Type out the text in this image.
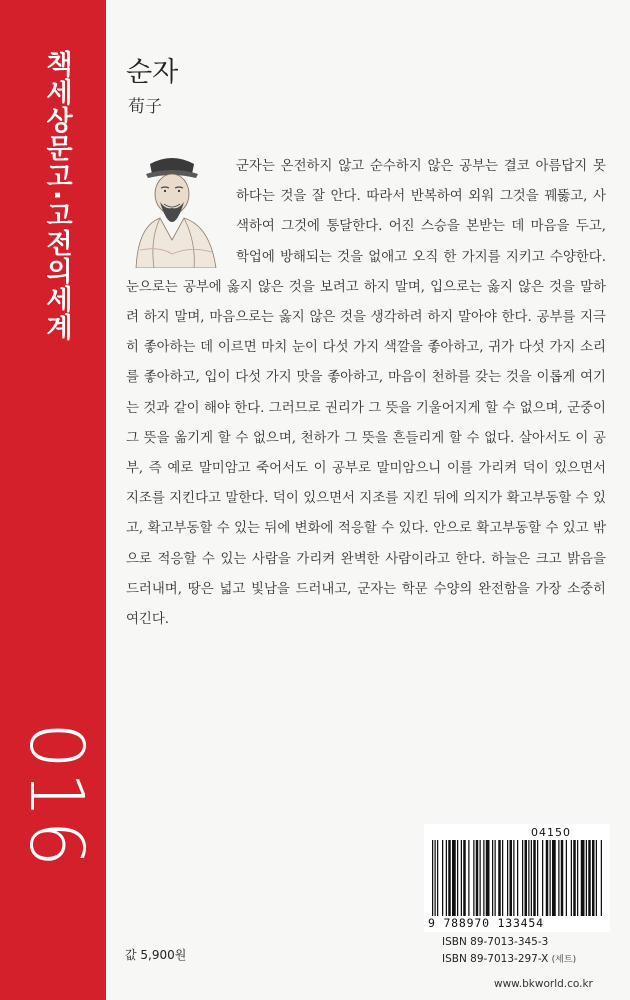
책세상문고·고전의세계
016
순자
荀子
군자는 온전하지 않고 순수하지 않은 공부는 결코 아름답지 못하다는 것을 잘 안다. 따라서 반복하여 외워 그것을 꿰뚫고, 사색하여 그것에 통달한다. 어진 스승을 본받는 데 마음을 두고, 학업에 방해되는 것을 없애고 오직 한 가지를 지키고 수양한다. 눈으로는 공부에 옳지 않은 것을 보려고 하지 말며, 입으로는 옳지 않은 것을 말하려 하지 말며, 마음으로는 옳지 않은 것을 생각하려 하지 말아야 한다. 공부를 지극히 좋아하는 데 이르면 마치 눈이 다섯 가지 색깔을 좋아하고, 귀가 다섯 가지 소리를 좋아하고, 입이 다섯 가지 맛을 좋아하고, 마음이 천하를 갖는 것을 이롭게 여기는 것과 같이 해야 한다. 그러므로 권리가 그 뜻을 기울어지게 할 수 없으며, 군중이 그 뜻을 옮기게 할 수 없으며, 천하가 그 뜻을 흔들리게 할 수 없다. 살아서도 이 공부, 즉 예로 말미암고 죽어서도 이 공부로 말미암으니 이를 가리켜 덕이 있으면서 지조를 지킨다고 말한다. 덕이 있으면서 지조를 지킨 뒤에 의지가 확고부동할 수 있고, 확고부동할 수 있는 뒤에 변화에 적응할 수 있다. 안으로 확고부동할 수 있고 밖으로 적응할 수 있는 사람을 가리켜 완벽한 사람이라고 한다. 하늘은 크고 밝음을 드러내며, 땅은 넓고 빛남을 드러내고, 군자는 학문 수양의 완전함을 가장 소중히 여긴다.
04150
9 788970 133454
ISBN 89-7013-345-3
ISBN 89-7013-297-X (세트)
값 5,900원
www.bkworld.co.kr
